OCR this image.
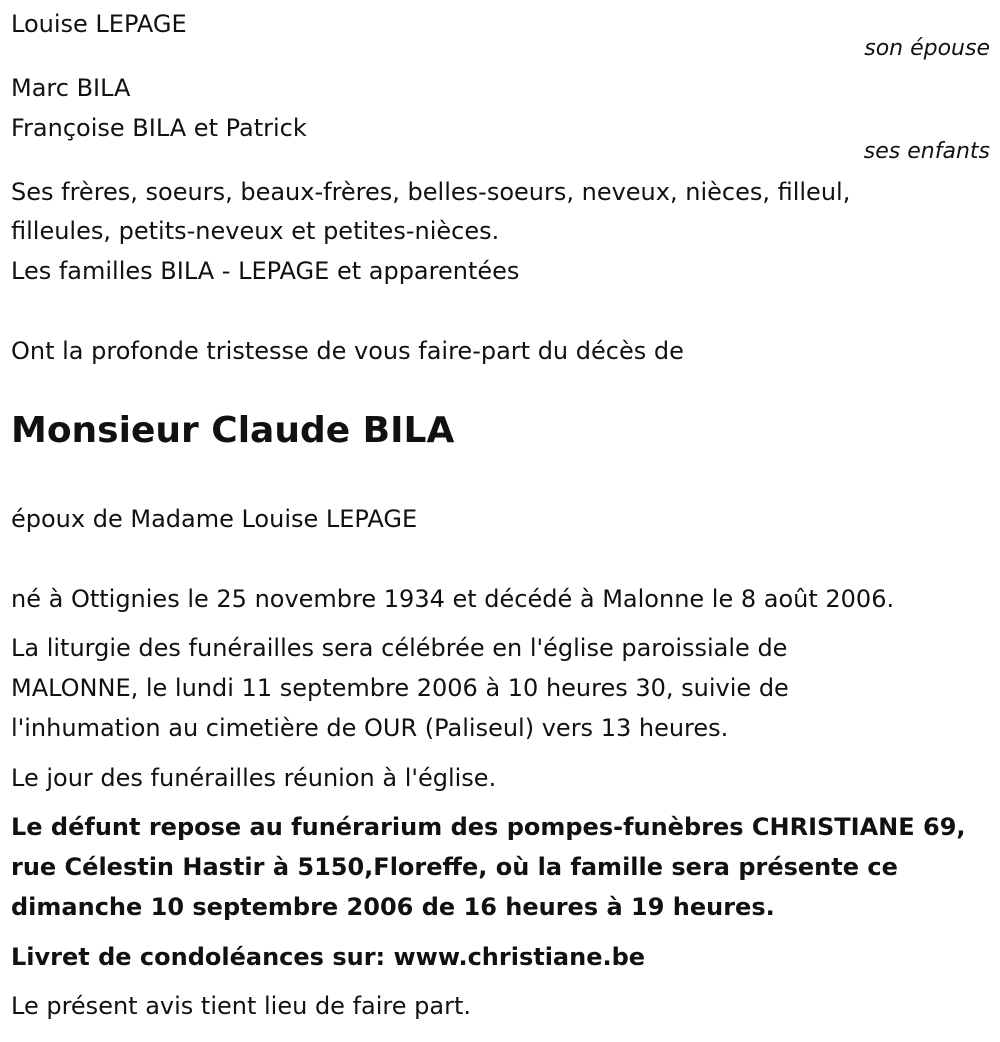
Louise LEPAGE

son épouse

Marc BILA

Françoise BILA et Patrick

ses enfants

Ses frères, soeurs, beaux-frères, belles-soeurs, neveux, nièces, filleul,

filleules, petits-neveux et petites-nièces.

Les familles BILA - LEPAGE et apparentées

Ont la profonde tristesse de vous faire-part du décès de

Monsieur Claude BILA

époux de Madame Louise LEPAGE

né à Ottignies le 25 novembre 1934 et décédé à Malonne le 8 août 2006.

La liturgie des funérailles sera célébrée en l'église paroissiale de

MALONNE, le lundi 11 septembre 2006 à 10 heures 30, suivie de

l'inhumation au cimetière de OUR (Paliseul) vers 13 heures.

Le jour des funérailles réunion à l'église.

Le défunt repose au funérarium des pompes-funèbres CHRISTIANE 69,

rue Célestin Hastir à 5150,Floreffe, où la famille sera présente ce

dimanche 10 septembre 2006 de 16 heures à 19 heures.

Livret de condoléances sur: www.christiane.be

Le présent avis tient lieu de faire part.
